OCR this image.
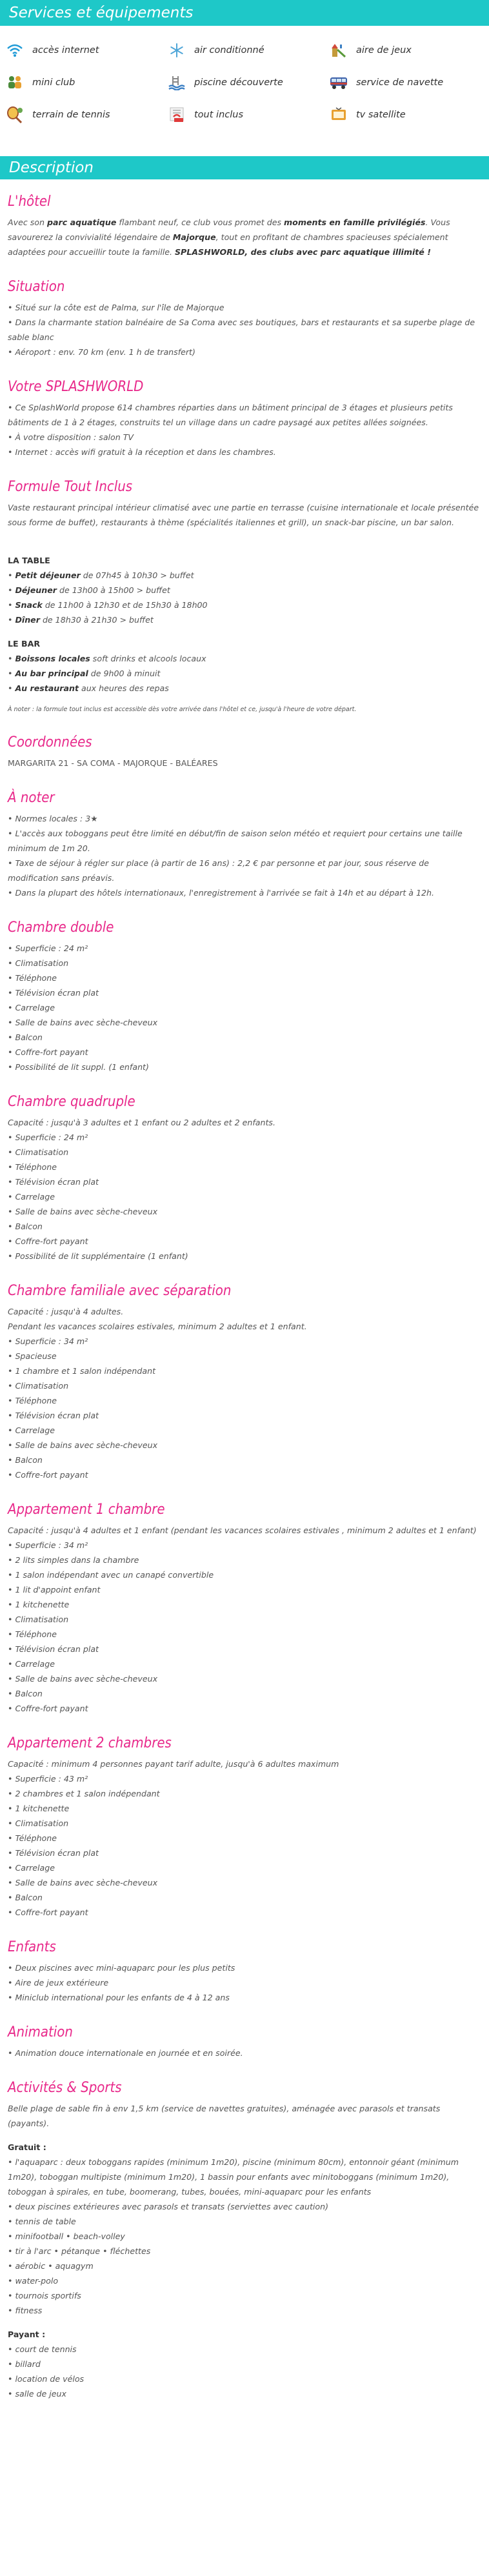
Services et équipements
accès internet	air conditionné	aire de jeux
mini club	piscine découverte	service de navette
terrain de tennis	tout inclus	tv satellite
Description
L'hôtel

Avec son parc aquatique flambant neuf, ce club vous promet des moments en famille privilégiés. Vous savourerez la convivialité légendaire de Majorque, tout en profitant de chambres spacieuses spécialement adaptées pour accueillir toute la famille. SPLASHWORLD, des clubs avec parc aquatique illimité !

Situation
• Situé sur la côte est de Palma, sur l'île de Majorque
• Dans la charmante station balnéaire de Sa Coma avec ses boutiques, bars et restaurants et sa superbe plage de sable blanc
• Aéroport : env. 70 km (env. 1 h de transfert)
Votre SPLASHWORLD
• Ce SplashWorld propose 614 chambres réparties dans un bâtiment principal de 3 étages et plusieurs petits bâtiments de 1 à 2 étages, construits tel un village dans un cadre paysagé aux petites allées soignées.
• À votre disposition : salon TV
• Internet : accès wifi gratuit à la réception et dans les chambres.
Formule Tout Inclus

Vaste restaurant principal intérieur climatisé avec une partie en terrasse (cuisine internationale et locale présentée sous forme de buffet), restaurants à thème (spécialités italiennes et grill), un snack-bar piscine, un bar salon.

LA TABLE
• Petit déjeuner de 07h45 à 10h30 > buffet
• Déjeuner de 13h00 à 15h00 > buffet
• Snack de 11h00 à 12h30 et de 15h30 à 18h00
• Dîner de 18h30 à 21h30 > buffet
LE BAR
• Boissons locales soft drinks et alcools locaux
• Au bar principal de 9h00 à minuit
• Au restaurant aux heures des repas

À noter : la formule tout inclus est accessible dès votre arrivée dans l'hôtel et ce, jusqu'à l'heure de votre départ.

Coordonnées

MARGARITA 21 - SA COMA - MAJORQUE - BALÉARES

À noter
• Normes locales : 3★
• L'accès aux toboggans peut être limité en début/fin de saison selon météo et requiert pour certains une taille minimum de 1m 20.
• Taxe de séjour à régler sur place (à partir de 16 ans) : 2,2 € par personne et par jour, sous réserve de modification sans préavis.
• Dans la plupart des hôtels internationaux, l'enregistrement à l'arrivée se fait à 14h et au départ à 12h.
Chambre double
• Superficie : 24 m²
• Climatisation
• Téléphone
• Télévision écran plat
• Carrelage
• Salle de bains avec sèche-cheveux
• Balcon
• Coffre-fort payant
• Possibilité de lit suppl. (1 enfant)
Chambre quadruple

Capacité : jusqu'à 3 adultes et 1 enfant ou 2 adultes et 2 enfants.

• Superficie : 24 m²
• Climatisation
• Téléphone
• Télévision écran plat
• Carrelage
• Salle de bains avec sèche-cheveux
• Balcon
• Coffre-fort payant
• Possibilité de lit supplémentaire (1 enfant)
Chambre familiale avec séparation

Capacité : jusqu'à 4 adultes.

Pendant les vacances scolaires estivales, minimum 2 adultes et 1 enfant.

• Superficie : 34 m²
• Spacieuse
• 1 chambre et 1 salon indépendant
• Climatisation
• Téléphone
• Télévision écran plat
• Carrelage
• Salle de bains avec sèche-cheveux
• Balcon
• Coffre-fort payant
Appartement 1 chambre

Capacité : jusqu'à 4 adultes et 1 enfant (pendant les vacances scolaires estivales , minimum 2 adultes et 1 enfant)

• Superficie : 34 m²
• 2 lits simples dans la chambre
• 1 salon indépendant avec un canapé convertible
• 1 lit d'appoint enfant
• 1 kitchenette
• Climatisation
• Téléphone
• Télévision écran plat
• Carrelage
• Salle de bains avec sèche-cheveux
• Balcon
• Coffre-fort payant
Appartement 2 chambres

Capacité : minimum 4 personnes payant tarif adulte, jusqu'à 6 adultes maximum

• Superficie : 43 m²
• 2 chambres et 1 salon indépendant
• 1 kitchenette
• Climatisation
• Téléphone
• Télévision écran plat
• Carrelage
• Salle de bains avec sèche-cheveux
• Balcon
• Coffre-fort payant
Enfants
• Deux piscines avec mini-aquaparc pour les plus petits
• Aire de jeux extérieure
• Miniclub international pour les enfants de 4 à 12 ans
Animation
• Animation douce internationale en journée et en soirée.
Activités & Sports

Belle plage de sable fin à env 1,5 km (service de navettes gratuites), aménagée avec parasols et transats (payants).

Gratuit :
• l'aquaparc : deux toboggans rapides (minimum 1m20), piscine (minimum 80cm), entonnoir géant (minimum 1m20), toboggan multipiste (minimum 1m20), 1 bassin pour enfants avec minitoboggans (minimum 1m20), toboggan à spirales, en tube, boomerang, tubes, bouées, mini-aquaparc pour les enfants
• deux piscines extérieures avec parasols et transats (serviettes avec caution)
• tennis de table
• minifootball • beach-volley
• tir à l'arc • pétanque • fléchettes
• aérobic • aquagym
• water-polo
• tournois sportifs
• fitness
Payant :
• court de tennis
• billard
• location de vélos
• salle de jeux
